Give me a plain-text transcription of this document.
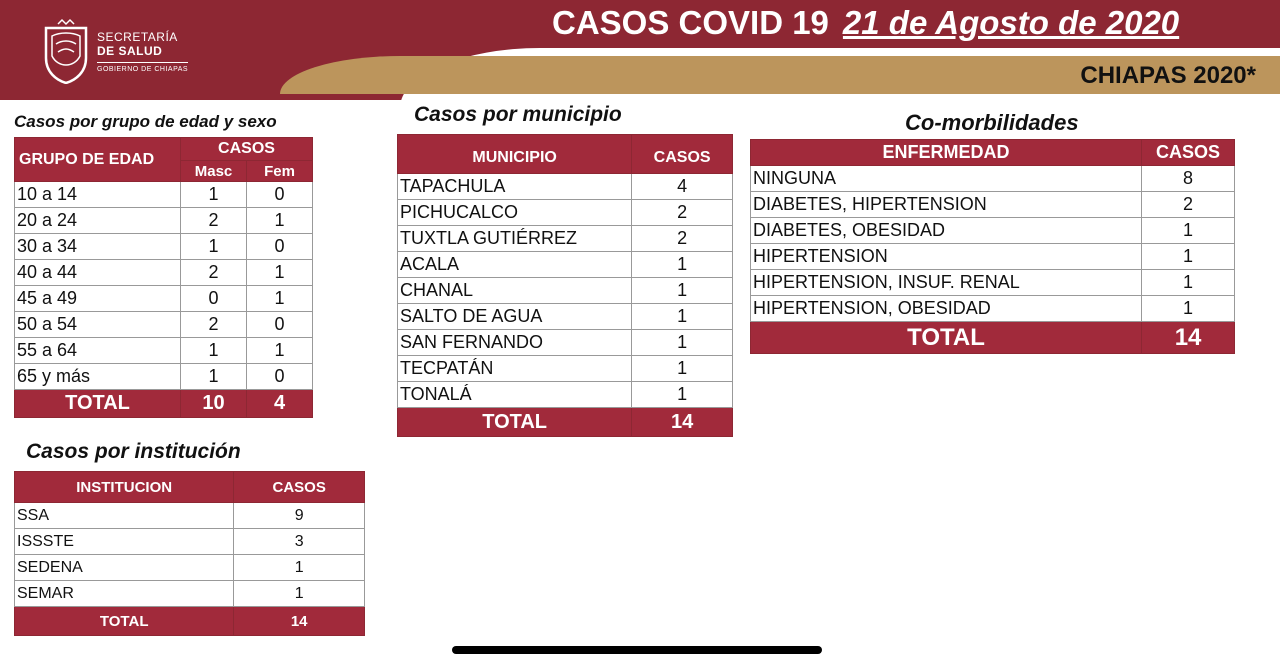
SECRETARÍA
DE SALUD
GOBIERNO DE CHIAPAS
CASOS COVID 19 21 de Agosto de 2020
CHIAPAS 2020*
Casos por grupo de edad y sexo
GRUPO DE EDAD	CASOS	
	Masc	Fem
10 a 14	1	0
20 a 24	2	1
30 a 34	1	0
40 a 44	2	1
45 a 49	0	1
50 a 54	2	0
55 a 64	1	1
65 y más	1	0
TOTAL	10	4
Casos por institución
INSTITUCION	CASOS
SSA	9
ISSSTE	3
SEDENA	1
SEMAR	1
TOTAL	14
Casos por municipio
MUNICIPIO	CASOS
TAPACHULA	4
PICHUCALCO	2
TUXTLA GUTIÉRREZ	2
ACALA	1
CHANAL	1
SALTO DE AGUA	1
SAN FERNANDO	1
TECPATÁN	1
TONALÁ	1
TOTAL	14
Co-morbilidades
ENFERMEDAD	CASOS
NINGUNA	8
DIABETES, HIPERTENSION	2
DIABETES, OBESIDAD	1
HIPERTENSION	1
HIPERTENSION, INSUF. RENAL	1
HIPERTENSION, OBESIDAD	1
TOTAL	14
